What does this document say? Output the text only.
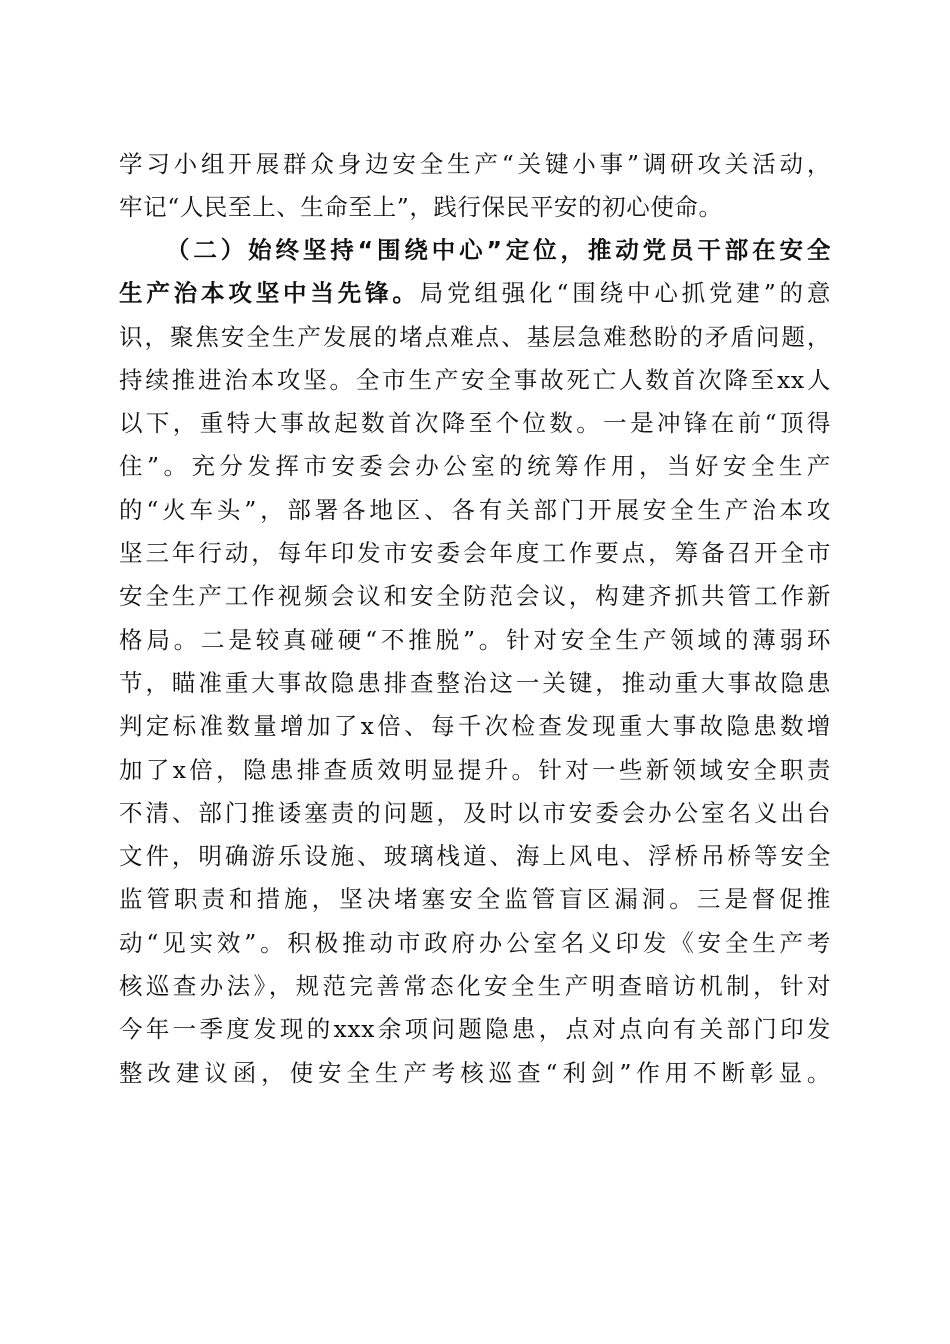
学习小组开展群众身边安全生产“关键小事”调研攻关活动，
牢记“人民至上、生命至上”，践行保民平安的初心使命。
（二）始终坚持“围绕中心”定位，推动党员干部在安全
生产治本攻坚中当先锋。局党组强化“围绕中心抓党建”的意
识，聚焦安全生产发展的堵点难点、基层急难愁盼的矛盾问题，
持续推进治本攻坚。全市生产安全事故死亡人数首次降至xx人
以下，重特大事故起数首次降至个位数。一是冲锋在前“顶得
住”。充分发挥市安委会办公室的统筹作用，当好安全生产
的“火车头”，部署各地区、各有关部门开展安全生产治本攻
坚三年行动，每年印发市安委会年度工作要点，筹备召开全市
安全生产工作视频会议和安全防范会议，构建齐抓共管工作新
格局。二是较真碰硬“不推脱”。针对安全生产领域的薄弱环
节，瞄准重大事故隐患排查整治这一关键，推动重大事故隐患
判定标准数量增加了x倍、每千次检查发现重大事故隐患数增
加了x倍，隐患排查质效明显提升。针对一些新领域安全职责
不清、部门推诿塞责的问题，及时以市安委会办公室名义出台
文件，明确游乐设施、玻璃栈道、海上风电、浮桥吊桥等安全
监管职责和措施，坚决堵塞安全监管盲区漏洞。三是督促推
动“见实效”。积极推动市政府办公室名义印发《安全生产考
核巡查办法》，规范完善常态化安全生产明查暗访机制，针对
今年一季度发现的xxx余项问题隐患，点对点向有关部门印发
整改建议函，使安全生产考核巡查“利剑”作用不断彰显。
